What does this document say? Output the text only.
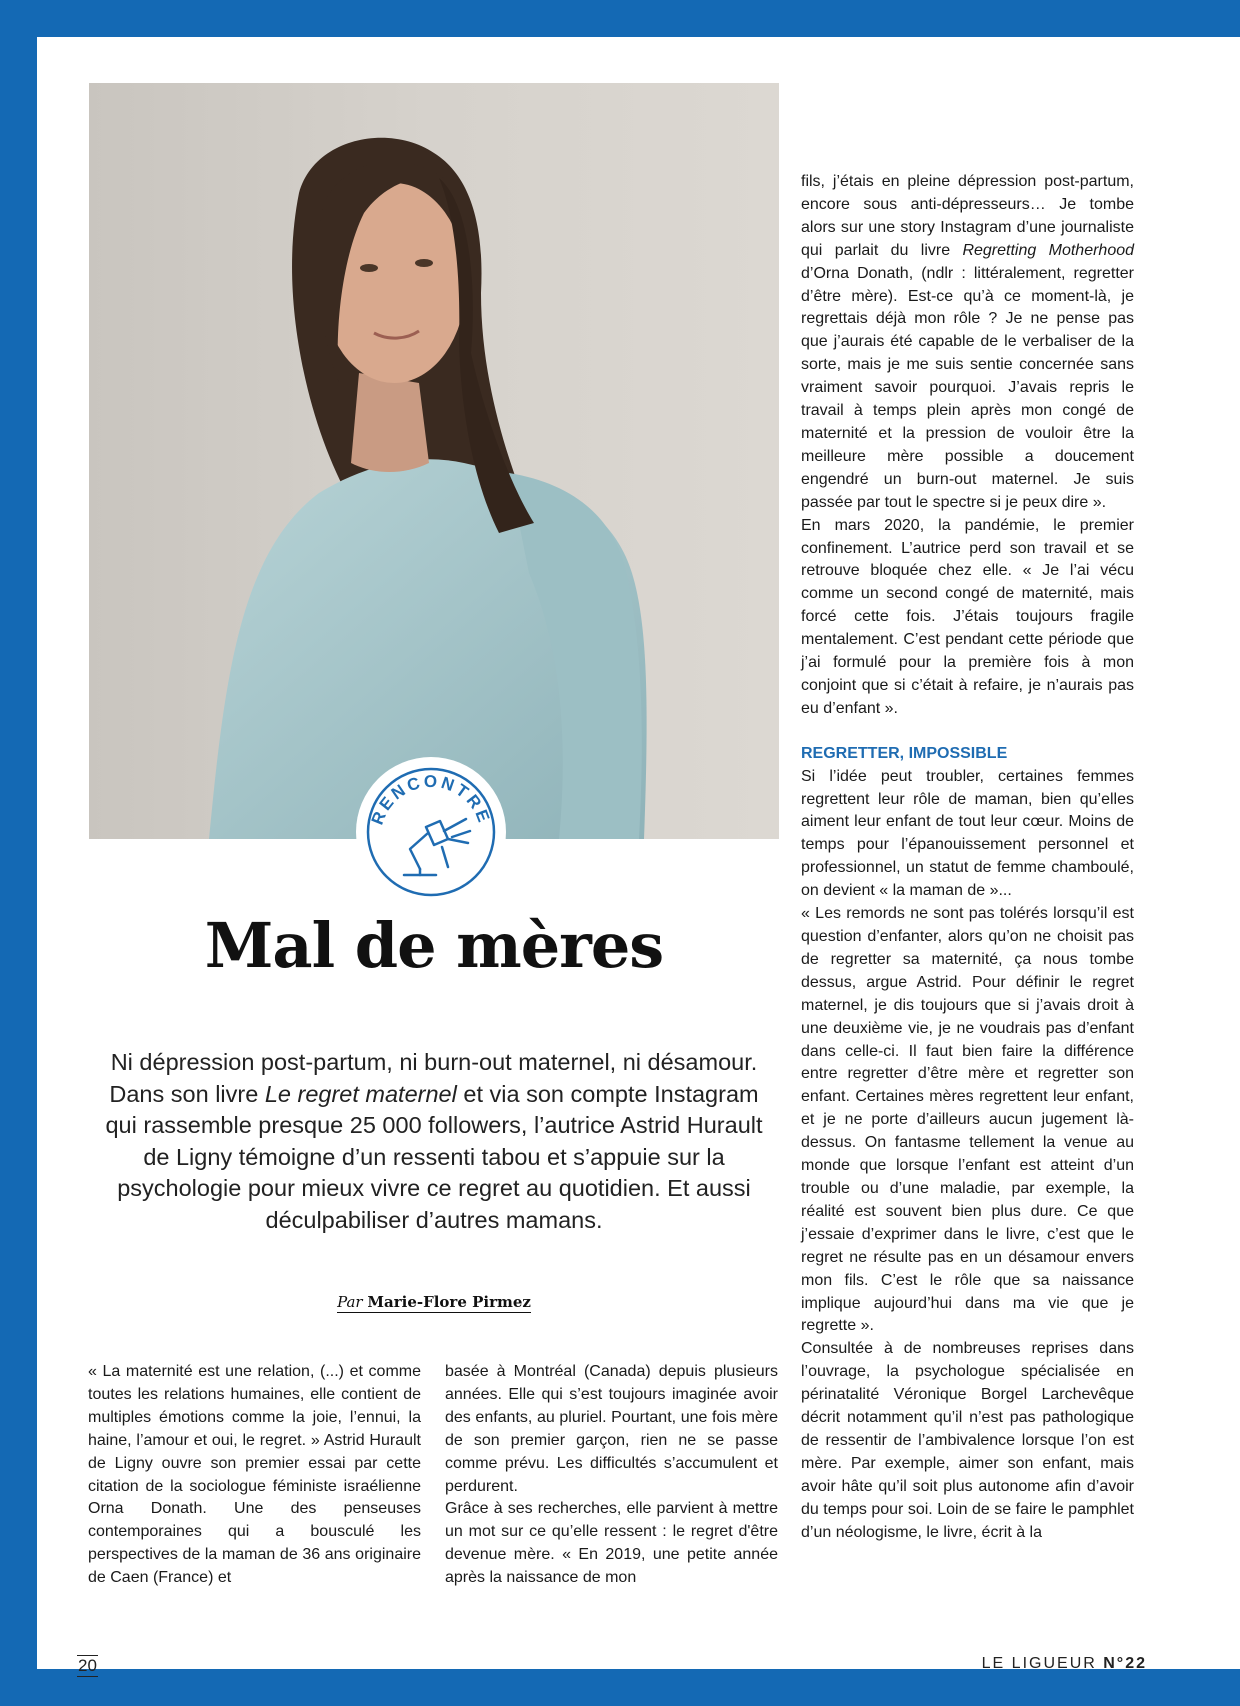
RENCONTRE
Mal de mères

Ni dépression post-partum, ni burn-out maternel, ni désamour. Dans son livre Le regret maternel et via son compte Instagram qui rassemble presque 25 000 followers, l’autrice Astrid Hurault de Ligny témoigne d’un ressenti tabou et s’appuie sur la psychologie pour mieux vivre ce regret au quotidien. Et aussi déculpabiliser d’autres mamans.

Par Marie-Flore Pirmez

« La maternité est une relation, (...) et comme toutes les relations humaines, elle contient de multiples émotions comme la joie, l’ennui, la haine, l’amour et oui, le regret. » Astrid Hurault de Ligny ouvre son premier essai par cette citation de la sociologue féministe israélienne Orna Donath. Une des penseuses contemporaines qui a bousculé les perspectives de la maman de 36 ans originaire de Caen (France) et

basée à Montréal (Canada) depuis plusieurs années. Elle qui s’est toujours imaginée avoir des enfants, au pluriel. Pourtant, une fois mère de son premier garçon, rien ne se passe comme prévu. Les difficultés s’accumulent et perdurent.

Grâce à ses recherches, elle parvient à mettre un mot sur ce qu’elle ressent : le regret d'être devenue mère. « En 2019, une petite année après la naissance de mon

fils, j’étais en pleine dépression post-partum, encore sous anti-dépresseurs… Je tombe alors sur une story Instagram d’une journaliste qui parlait du livre Regretting Motherhood d’Orna Donath, (ndlr : littéralement, regretter d’être mère). Est-ce qu’à ce moment-là, je regrettais déjà mon rôle ? Je ne pense pas que j’aurais été capable de le verbaliser de la sorte, mais je me suis sentie concernée sans vraiment savoir pourquoi. J’avais repris le travail à temps plein après mon congé de maternité et la pression de vouloir être la meilleure mère possible a doucement engendré un burn-out maternel. Je suis passée par tout le spectre si je peux dire ».

En mars 2020, la pandémie, le premier confinement. L’autrice perd son travail et se retrouve bloquée chez elle. « Je l’ai vécu comme un second congé de maternité, mais forcé cette fois. J’étais toujours fragile mentalement. C’est pendant cette période que j’ai formulé pour la première fois à mon conjoint que si c’était à refaire, je n’aurais pas eu d’enfant ».

REGRETTER, IMPOSSIBLE

Si l’idée peut troubler, certaines femmes regrettent leur rôle de maman, bien qu’elles aiment leur enfant de tout leur cœur. Moins de temps pour l’épanouissement personnel et professionnel, un statut de femme chamboulé, on devient « la maman de »...

« Les remords ne sont pas tolérés lorsqu’il est question d’enfanter, alors qu’on ne choisit pas de regretter sa maternité, ça nous tombe dessus, argue Astrid. Pour définir le regret maternel, je dis toujours que si j’avais droit à une deuxième vie, je ne voudrais pas d’enfant dans celle-ci. Il faut bien faire la différence entre regretter d’être mère et regretter son enfant. Certaines mères regrettent leur enfant, et je ne porte d’ailleurs aucun jugement là-dessus. On fantasme tellement la venue au monde que lorsque l’enfant est atteint d’un trouble ou d’une maladie, par exemple, la réalité est souvent bien plus dure. Ce que j’essaie d’exprimer dans le livre, c’est que le regret ne résulte pas en un désamour envers mon fils. C’est le rôle que sa naissance implique aujourd’hui dans ma vie que je regrette ».

Consultée à de nombreuses reprises dans l’ouvrage, la psychologue spécialisée en périnatalité Véronique Borgel Larchevêque décrit notamment qu’il n’est pas pathologique de ressentir de l’ambivalence lorsque l’on est mère. Par exemple, aimer son enfant, mais avoir hâte qu’il soit plus autonome afin d’avoir du temps pour soi. Loin de se faire le pamphlet d’un néologisme, le livre, écrit à la

20	LE LIGUEUR N°22
